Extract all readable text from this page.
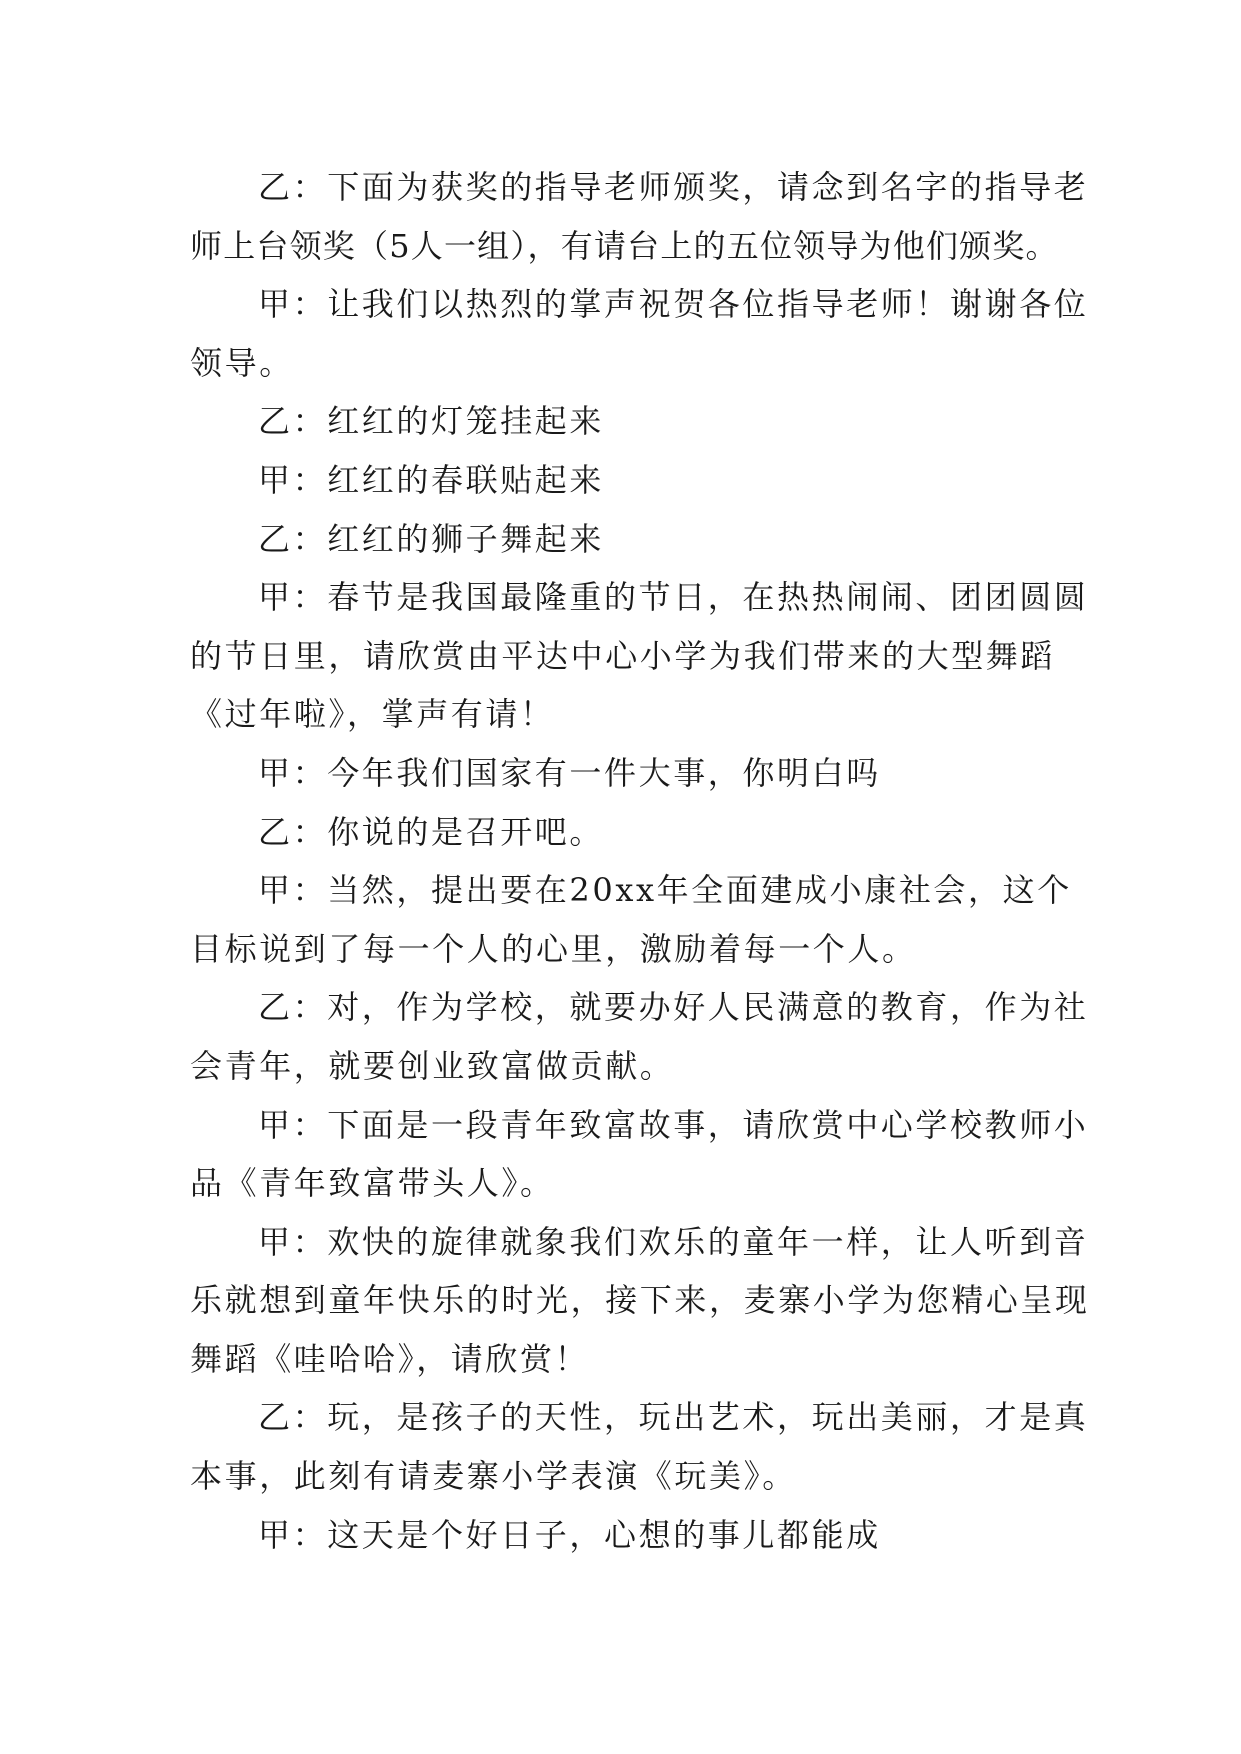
乙：下面为获奖的指导老师颁奖，请念到名字的指导老
师上台领奖（5人一组），有请台上的五位领导为他们颁奖。

甲：让我们以热烈的掌声祝贺各位指导老师！谢谢各位
领导。

乙：红红的灯笼挂起来

甲：红红的春联贴起来

乙：红红的狮子舞起来

甲：春节是我国最隆重的节日，在热热闹闹、团团圆圆
的节日里，请欣赏由平达中心小学为我们带来的大型舞蹈
《过年啦》，掌声有请！

甲：今年我们国家有一件大事，你明白吗

乙：你说的是召开吧。

甲：当然，提出要在20xx年全面建成小康社会，这个
目标说到了每一个人的心里，激励着每一个人。

乙：对，作为学校，就要办好人民满意的教育，作为社
会青年，就要创业致富做贡献。

甲：下面是一段青年致富故事，请欣赏中心学校教师小
品《青年致富带头人》。

甲：欢快的旋律就象我们欢乐的童年一样，让人听到音
乐就想到童年快乐的时光，接下来，麦寨小学为您精心呈现
舞蹈《哇哈哈》，请欣赏！

乙：玩，是孩子的天性，玩出艺术，玩出美丽，才是真
本事，此刻有请麦寨小学表演《玩美》。

甲：这天是个好日子，心想的事儿都能成
